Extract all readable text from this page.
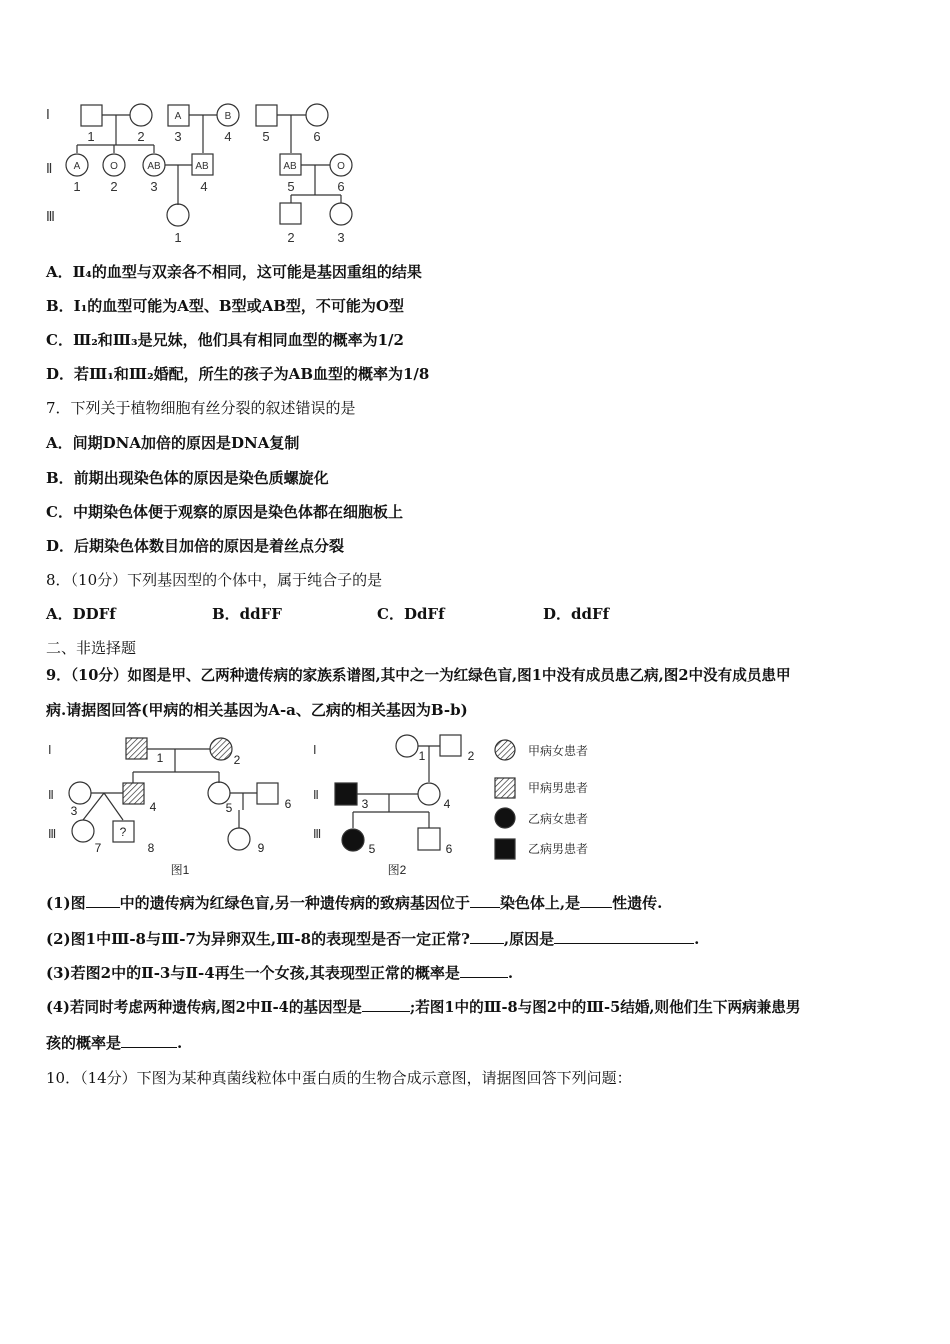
Ⅰ
Ⅱ
Ⅲ
A	B
A	O	AB	AB	AB	O
1	2 3	4 5	6
1 2	3	4	5	6
1	2	3
A．Ⅱ₄的血型与双亲各不相同，这可能是基因重组的结果
B．I₁的血型可能为A型、B型或AB型，不可能为O型
C．Ⅲ₂和Ⅲ₃是兄妹，他们具有相同血型的概率为1/2
D．若Ⅲ₁和Ⅲ₂婚配，所生的孩子为AB血型的概率为1/8
7．下列关于植物细胞有丝分裂的叙述错误的是
A．间期DNA加倍的原因是DNA复制
B．前期出现染色体的原因是染色质螺旋化
C．中期染色体便于观察的原因是染色体都在细胞板上
D．后期染色体数目加倍的原因是着丝点分裂
8．（10分）下列基因型的个体中，属于纯合子的是
A．DDFf	B．ddFF	C．DdFf	D．ddFf
二、非选择题
9．（10分）如图是甲、乙两种遗传病的家族系谱图,其中之一为红绿色盲,图1中没有成员患乙病,图2中没有成员患甲
病.请据图回答(甲病的相关基因为A-a、乙病的相关基因为B-b)
Ⅰ
Ⅱ
Ⅲ
1	2
3	4	5	6
7	8	9
?
图1
Ⅰ
Ⅱ
Ⅲ
1	2
3	4
5	6
图2
甲病女患者
甲病男患者
乙病女患者
乙病男患者
(1)图 中的遗传病为红绿色盲,另一种遗传病的致病基因位于 染色体上,是 性遗传.
(2)图1中Ⅲ-8与Ⅲ-7为异卵双生,Ⅲ-8的表现型是否一定正常? ,原因是	.
(3)若图2中的Ⅱ-3与Ⅱ-4再生一个女孩,其表现型正常的概率是	.
(4)若同时考虑两种遗传病,图2中Ⅱ-4的基因型是	;若图1中的Ⅲ-8与图2中的Ⅲ-5结婚,则他们生下两病兼患男
孩的概率是	.
10．（14分）下图为某种真菌线粒体中蛋白质的生物合成示意图，请据图回答下列问题：
